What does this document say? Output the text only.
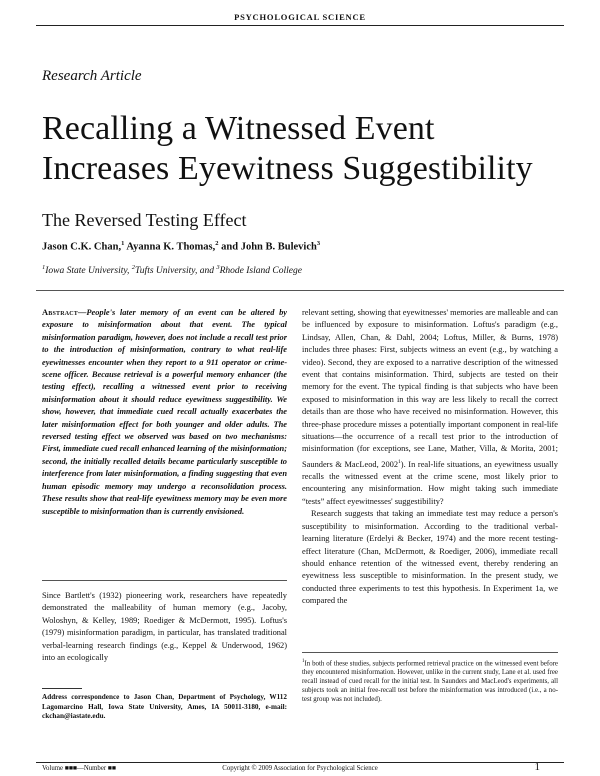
PSYCHOLOGICAL SCIENCE
Research Article
Recalling a Witnessed Event Increases Eyewitness Suggestibility
The Reversed Testing Effect
Jason C.K. Chan,$^1$ Ayanna K. Thomas,$^2$ and John B. Bulevich$^3$
$^1$Iowa State University, $^2$Tufts University, and $^3$Rhode Island College
Abstract—People's later memory of an event can be altered by exposure to misinformation about that event. The typical misinformation paradigm, however, does not include a recall test prior to the introduction of misinformation, contrary to what real-life eyewitnesses encounter when they report to a 911 operator or crime-scene officer. Because retrieval is a powerful memory enhancer (the testing effect), recalling a witnessed event prior to receiving misinformation about it should reduce eyewitness suggestibility. We show, however, that immediate cued recall actually exacerbates the later misinformation effect for both younger and older adults. The reversed testing effect we observed was based on two mechanisms: First, immediate cued recall enhanced learning of the misinformation; second, the initially recalled details became particularly susceptible to interference from later misinformation, a finding suggesting that even human episodic memory may undergo a reconsolidation process. These results show that real-life eyewitness memory may be even more susceptible to misinformation than is currently envisioned.

Since Bartlett's (1932) pioneering work, researchers have repeatedly demonstrated the malleability of human memory (e.g., Jacoby, Woloshyn, & Kelley, 1989; Roediger & McDermott, 1995). Loftus's (1979) misinformation paradigm, in particular, has translated traditional verbal-learning research findings (e.g., Keppel & Underwood, 1962) into an ecologically

Address correspondence to Jason Chan, Department of Psychology, W112 Lagomarcino Hall, Iowa State University, Ames, IA 50011-3180, e-mail: ckchan@iastate.edu.

relevant setting, showing that eyewitnesses' memories are malleable and can be influenced by exposure to misinformation. Loftus's paradigm (e.g., Lindsay, Allen, Chan, & Dahl, 2004; Loftus, Miller, & Burns, 1978) includes three phases: First, subjects witness an event (e.g., by watching a video). Second, they are exposed to a narrative description of the witnessed event that contains misinformation. Third, subjects are tested on their memory for the event. The typical finding is that subjects who have been exposed to misinformation in this way are less likely to recall the correct details than are those who have received no misinformation. However, this three-phase procedure misses a potentially important component in real-life situations—the occurrence of a recall test prior to the introduction of misinformation (for exceptions, see Lane, Mather, Villa, & Morita, 2001; Saunders & MacLeod, 2002$^1$). In real-life situations, an eyewitness usually recalls the witnessed event at the crime scene, most likely prior to encountering any misinformation. How might taking such immediate “tests” affect eyewitnesses' suggestibility?

Research suggests that taking an immediate test may reduce a person's susceptibility to misinformation. According to the traditional verbal-learning literature (Erdelyi & Becker, 1974) and the more recent testing-effect literature (Chan, McDermott, & Roediger, 2006), immediate recall should enhance retention of the witnessed event, thereby rendering an eyewitness less susceptible to misinformation. In the present study, we conducted three experiments to test this hypothesis. In Experiment 1a, we compared the

$^1$In both of these studies, subjects performed retrieval practice on the witnessed event before they encountered misinformation. However, unlike in the current study, Lane et al. used free recall instead of cued recall for the initial test. In Saunders and MacLeod's experiments, all subjects took an initial free-recall test before the misinformation was introduced (i.e., a no-test group was not included).
Volume ■■■—Number ■■	Copyright © 2009 Association for Psychological Science	1
